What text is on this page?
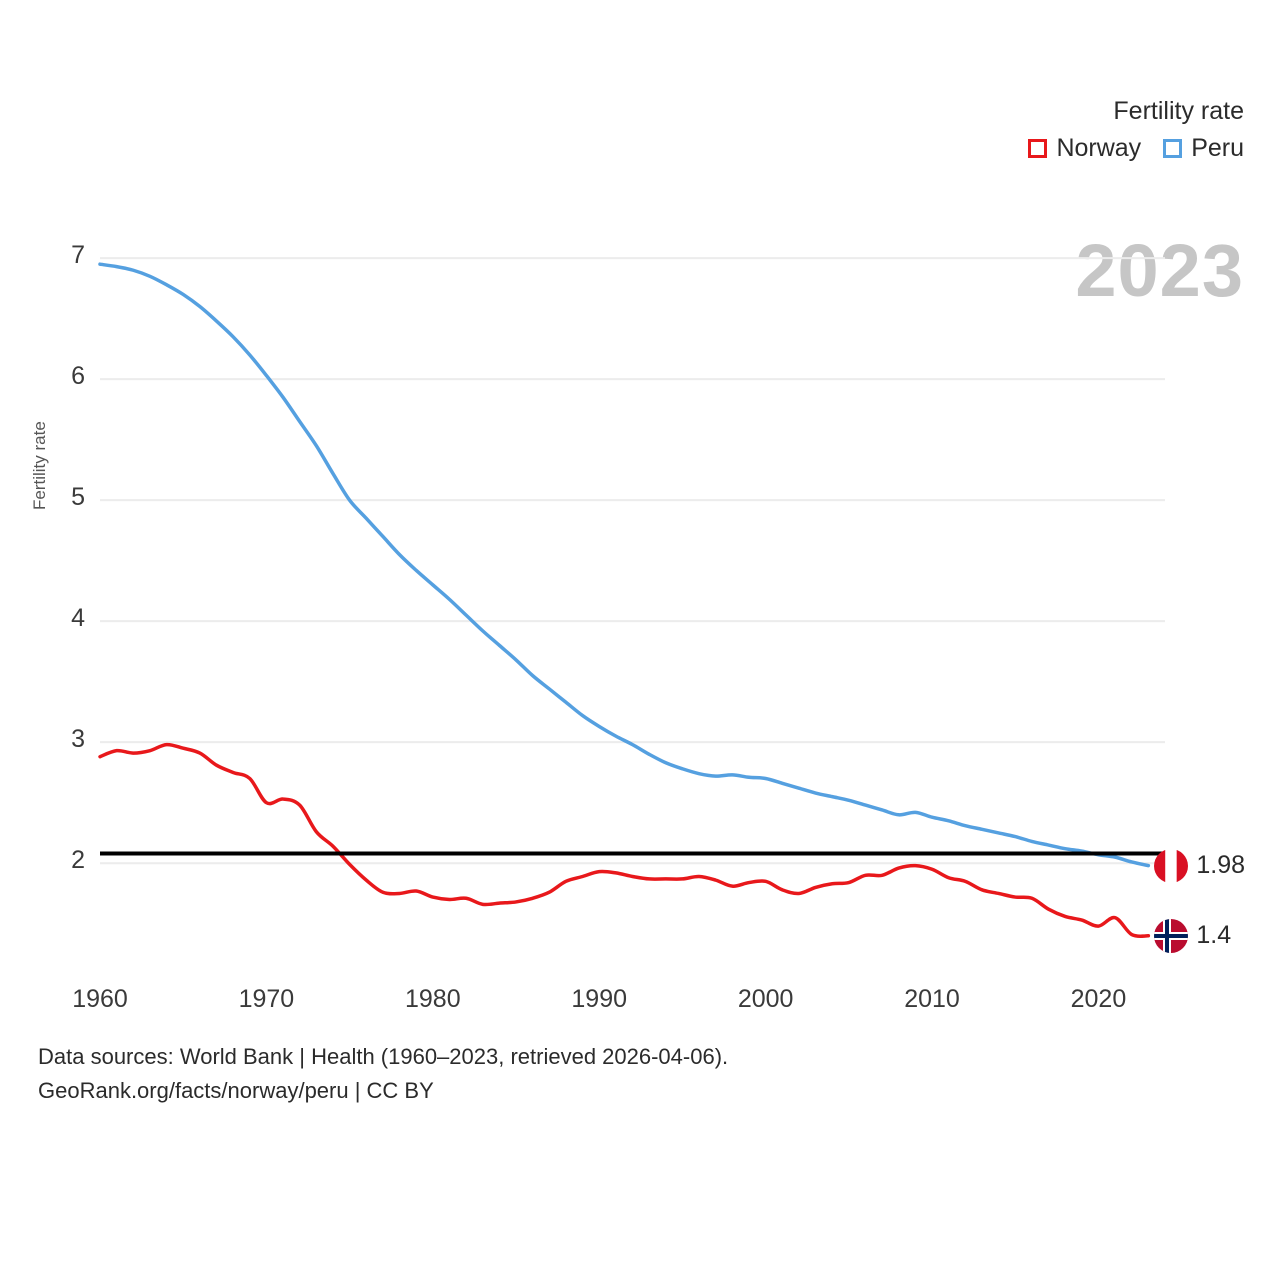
Fertility rate
Norway Peru
2023
Fertility rate
2
3
4
5
6
7
1960	1970	1980	1990	2000	2010	2020
1.98
1.4
Data sources: World Bank | Health (1960–2023, retrieved 2026-04-06).
GeoRank.org/facts/norway/peru | CC BY
